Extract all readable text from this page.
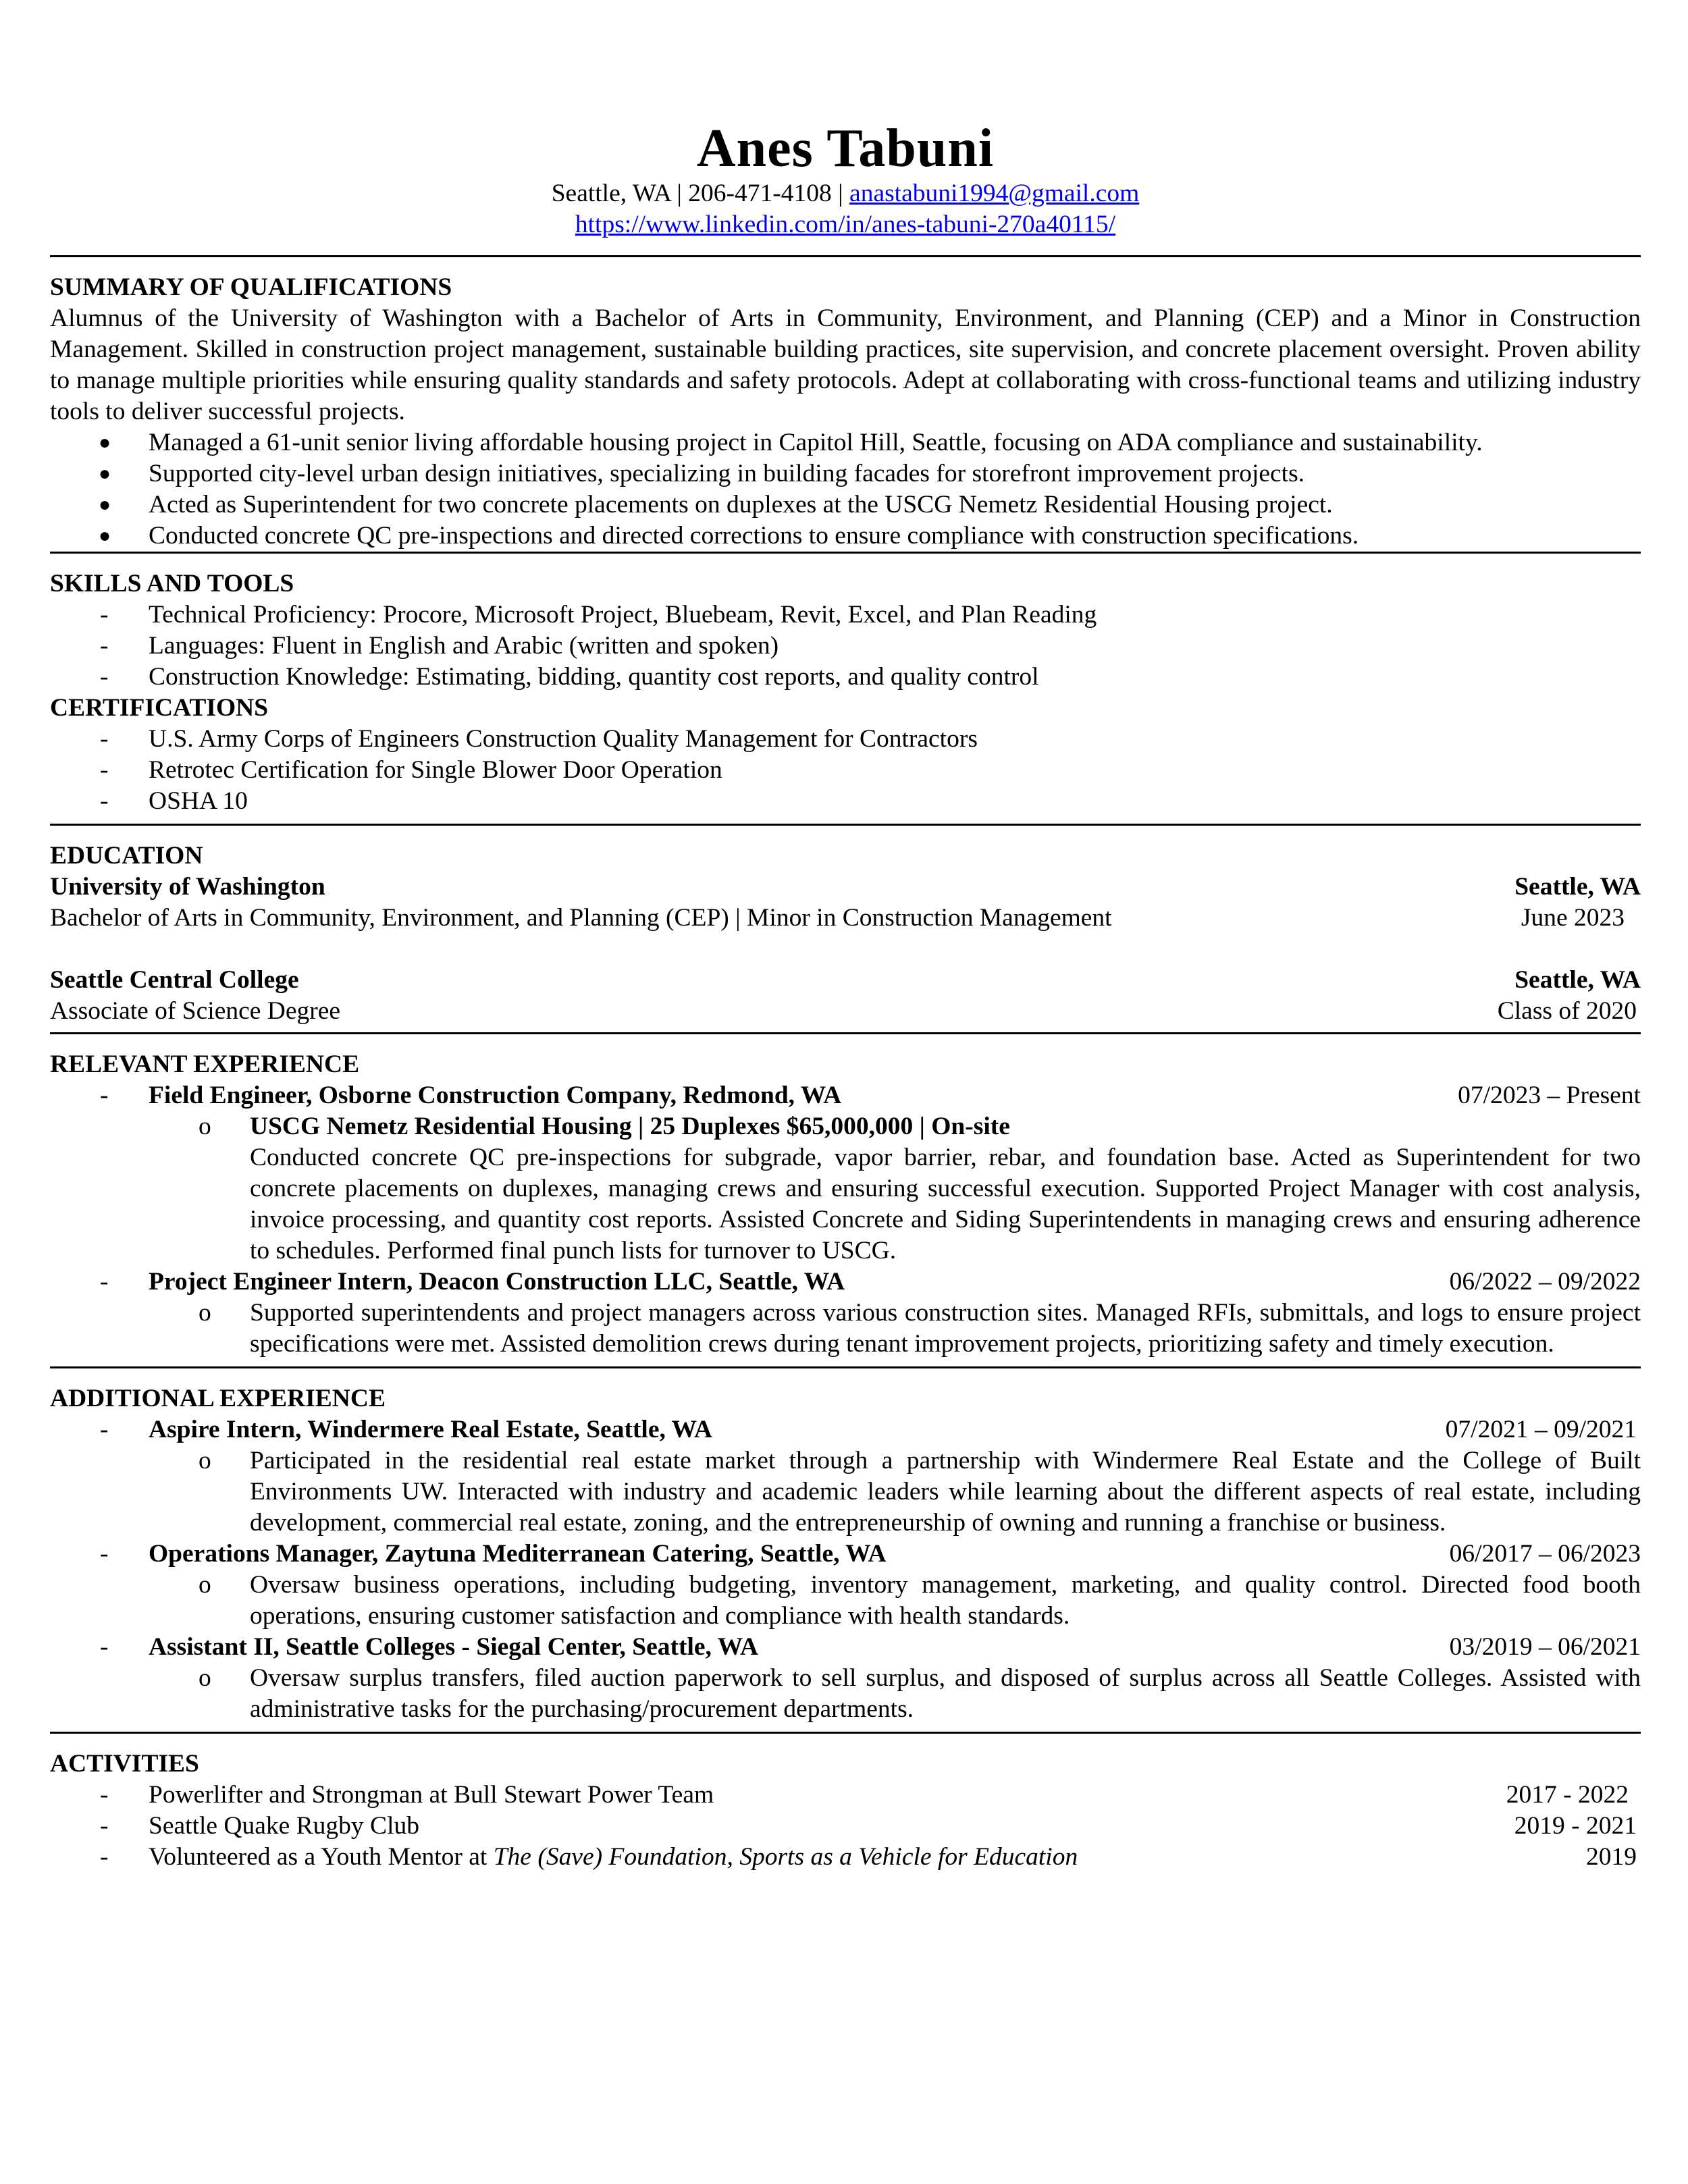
Anes Tabuni
Seattle, WA | 206-471-4108 | anastabuni1994@gmail.com
https://www.linkedin.com/in/anes-tabuni-270a40115/
SUMMARY OF QUALIFICATIONS
Alumnus of the University of Washington with a Bachelor of Arts in Community, Environment, and Planning (CEP) and a Minor in Construction Management. Skilled in construction project management, sustainable building practices, site supervision, and concrete placement oversight. Proven ability to manage multiple priorities while ensuring quality standards and safety protocols. Adept at collaborating with cross-functional teams and utilizing industry tools to deliver successful projects.
● Managed a 61-unit senior living affordable housing project in Capitol Hill, Seattle, focusing on ADA compliance and sustainability.
● Supported city-level urban design initiatives, specializing in building facades for storefront improvement projects.
● Acted as Superintendent for two concrete placements on duplexes at the USCG Nemetz Residential Housing project.
● Conducted concrete QC pre-inspections and directed corrections to ensure compliance with construction specifications.
SKILLS AND TOOLS
- Technical Proficiency: Procore, Microsoft Project, Bluebeam, Revit, Excel, and Plan Reading
- Languages: Fluent in English and Arabic (written and spoken)
- Construction Knowledge: Estimating, bidding, quantity cost reports, and quality control
CERTIFICATIONS
- U.S. Army Corps of Engineers Construction Quality Management for Contractors
- Retrotec Certification for Single Blower Door Operation
- OSHA 10
EDUCATION
University of Washington	Seattle, WA
Bachelor of Arts in Community, Environment, and Planning (CEP) | Minor in Construction Management	June 2023
Seattle Central College	Seattle, WA
Associate of Science Degree	Class of 2020
RELEVANT EXPERIENCE
- Field Engineer, Osborne Construction Company, Redmond, WA	07/2023 – Present
o USCG Nemetz Residential Housing | 25 Duplexes $65,000,000 | On-site
Conducted concrete QC pre-inspections for subgrade, vapor barrier, rebar, and foundation base. Acted as Superintendent for two concrete placements on duplexes, managing crews and ensuring successful execution. Supported Project Manager with cost analysis, invoice processing, and quantity cost reports. Assisted Concrete and Siding Superintendents in managing crews and ensuring adherence to schedules. Performed final punch lists for turnover to USCG.
- Project Engineer Intern, Deacon Construction LLC, Seattle, WA	06/2022 – 09/2022
o Supported superintendents and project managers across various construction sites. Managed RFIs, submittals, and logs to ensure project specifications were met. Assisted demolition crews during tenant improvement projects, prioritizing safety and timely execution.
ADDITIONAL EXPERIENCE
- Aspire Intern, Windermere Real Estate, Seattle, WA	07/2021 – 09/2021
o Participated in the residential real estate market through a partnership with Windermere Real Estate and the College of Built Environments UW. Interacted with industry and academic leaders while learning about the different aspects of real estate, including development, commercial real estate, zoning, and the entrepreneurship of owning and running a franchise or business.
- Operations Manager, Zaytuna Mediterranean Catering, Seattle, WA	06/2017 – 06/2023
o Oversaw business operations, including budgeting, inventory management, marketing, and quality control. Directed food booth operations, ensuring customer satisfaction and compliance with health standards.
- Assistant II, Seattle Colleges - Siegal Center, Seattle, WA	03/2019 – 06/2021
o Oversaw surplus transfers, filed auction paperwork to sell surplus, and disposed of surplus across all Seattle Colleges. Assisted with administrative tasks for the purchasing/procurement departments.
ACTIVITIES
- Powerlifter and Strongman at Bull Stewart Power Team	2017 - 2022
- Seattle Quake Rugby Club	2019 - 2021
- Volunteered as a Youth Mentor at The (Save) Foundation, Sports as a Vehicle for Education	2019
